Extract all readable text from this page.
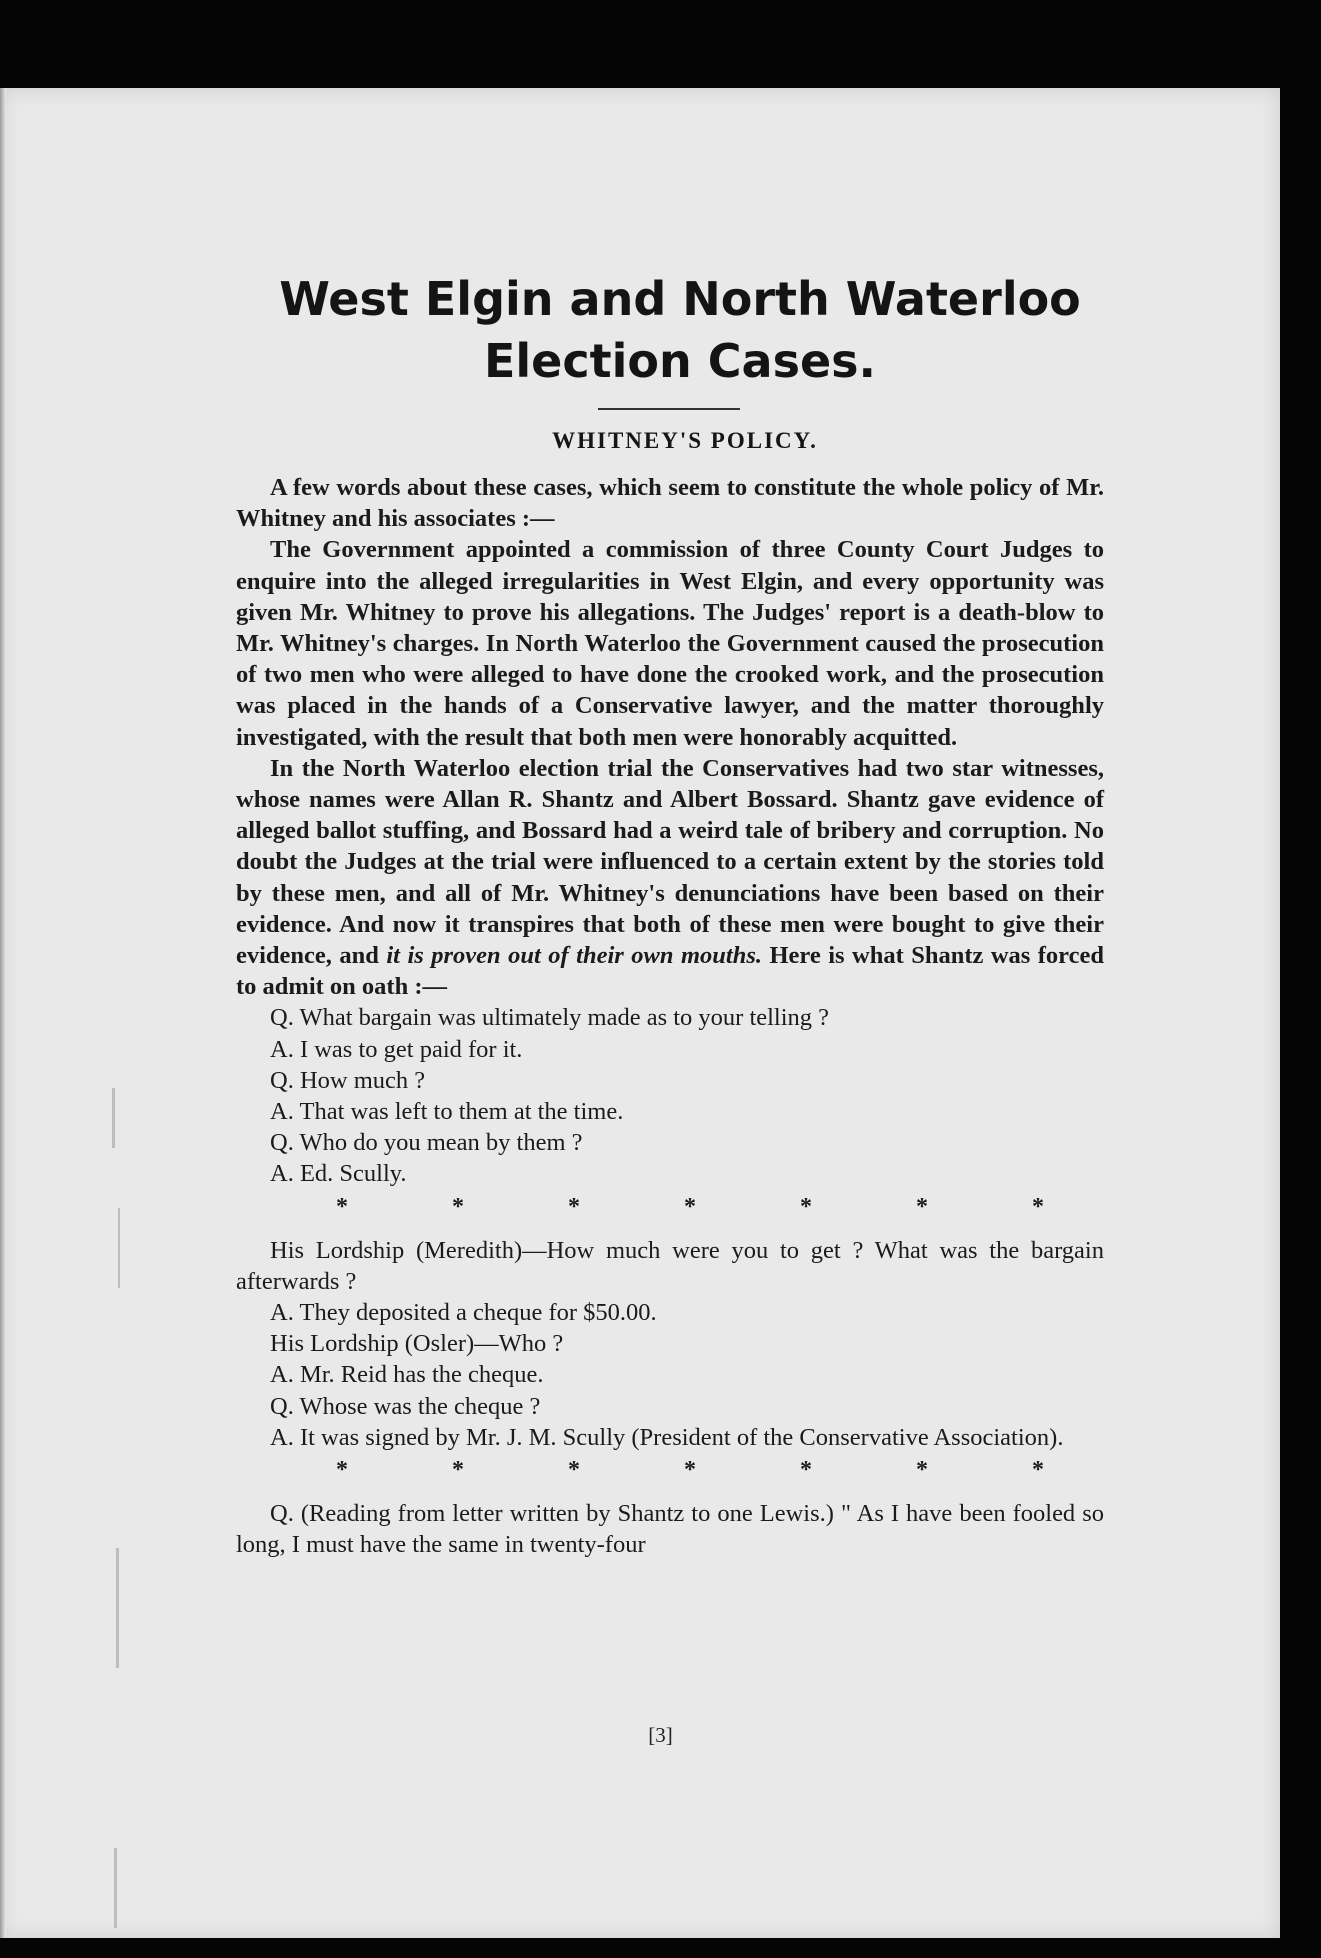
West Elgin and North Waterloo
Election Cases.
WHITNEY'S POLICY.

A few words about these cases, which seem to constitute the whole policy of Mr. Whitney and his associates :—

The Government appointed a commission of three County Court Judges to enquire into the alleged irregularities in West Elgin, and every opportunity was given Mr. Whitney to prove his allegations. The Judges' report is a death-blow to Mr. Whitney's charges. In North Waterloo the Government caused the prosecution of two men who were alleged to have done the crooked work, and the prosecution was placed in the hands of a Conservative lawyer, and the matter thoroughly investigated, with the result that both men were honorably acquitted.

In the North Waterloo election trial the Conservatives had two star witnesses, whose names were Allan R. Shantz and Albert Bossard. Shantz gave evidence of alleged ballot stuffing, and Bossard had a weird tale of bribery and corruption. No doubt the Judges at the trial were influenced to a certain extent by the stories told by these men, and all of Mr. Whitney's denunciations have been based on their evidence. And now it transpires that both of these men were bought to give their evidence, and it is proven out of their own mouths. Here is what Shantz was forced to admit on oath :—

Q. What bargain was ultimately made as to your telling ?

A. I was to get paid for it.

Q. How much ?

A. That was left to them at the time.

Q. Who do you mean by them ?

A. Ed. Scully.

*	*	*	*	*	*	*

His Lordship (Meredith)—How much were you to get ? What was the bargain afterwards ?

A. They deposited a cheque for $50.00.

His Lordship (Osler)—Who ?

A. Mr. Reid has the cheque.

Q. Whose was the cheque ?

A. It was signed by Mr. J. M. Scully (President of the Conservative Association).

*	*	*	*	*	*	*

Q. (Reading from letter written by Shantz to one Lewis.) " As I have been fooled so long, I must have the same in twenty-four

[3]
